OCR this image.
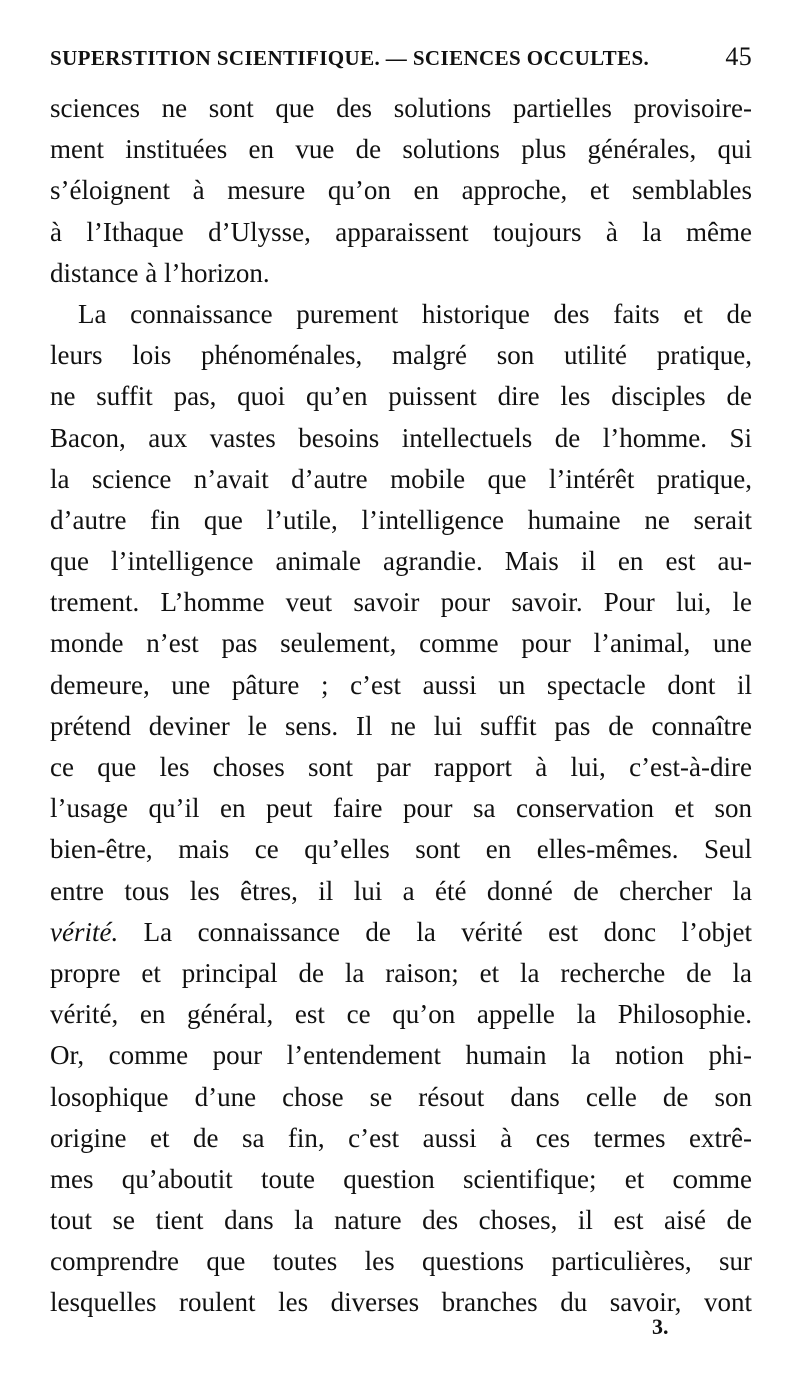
SUPERSTITION SCIENTIFIQUE. — SCIENCES OCCULTES.	45
sciences ne sont que des solutions partielles provisoire-
ment instituées en vue de solutions plus générales, qui
s’éloignent à mesure qu’on en approche, et semblables
à l’Ithaque d’Ulysse, apparaissent toujours à la même
distance à l’horizon.
La connaissance purement historique des faits et de
leurs lois phénoménales, malgré son utilité pratique,
ne suffit pas, quoi qu’en puissent dire les disciples de
Bacon, aux vastes besoins intellectuels de l’homme. Si
la science n’avait d’autre mobile que l’intérêt pratique,
d’autre fin que l’utile, l’intelligence humaine ne serait
que l’intelligence animale agrandie. Mais il en est au-
trement. L’homme veut savoir pour savoir. Pour lui, le
monde n’est pas seulement, comme pour l’animal, une
demeure, une pâture ; c’est aussi un spectacle dont il
prétend deviner le sens. Il ne lui suffit pas de connaître
ce que les choses sont par rapport à lui, c’est-à-dire
l’usage qu’il en peut faire pour sa conservation et son
bien-être, mais ce qu’elles sont en elles-mêmes. Seul
entre tous les êtres, il lui a été donné de chercher la
vérité. La connaissance de la vérité est donc l’objet
propre et principal de la raison; et la recherche de la
vérité, en général, est ce qu’on appelle la Philosophie.
Or, comme pour l’entendement humain la notion phi-
losophique d’une chose se résout dans celle de son
origine et de sa fin, c’est aussi à ces termes extrê-
mes qu’aboutit toute question scientifique; et comme
tout se tient dans la nature des choses, il est aisé de
comprendre que toutes les questions particulières, sur
lesquelles roulent les diverses branches du savoir, vont
3.
